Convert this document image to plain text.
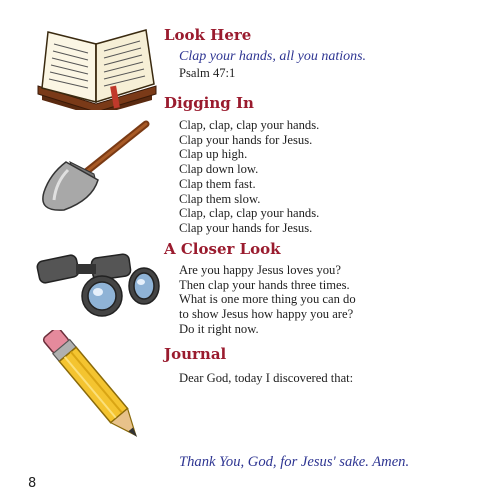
Look Here

Clap your hands, all you nations.

Psalm 47:1

Digging In
Clap, clap, clap your hands.
Clap your hands for Jesus.
Clap up high.
Clap down low.
Clap them fast.
Clap them slow.
Clap, clap, clap your hands.
Clap your hands for Jesus.
A Closer Look
Are you happy Jesus loves you?
Then clap your hands three times.
What is one more thing you can do
to show Jesus how happy you are?
Do it right now.
Journal
Dear God, today I discovered that:

Thank You, God, for Jesus' sake. Amen.

8
